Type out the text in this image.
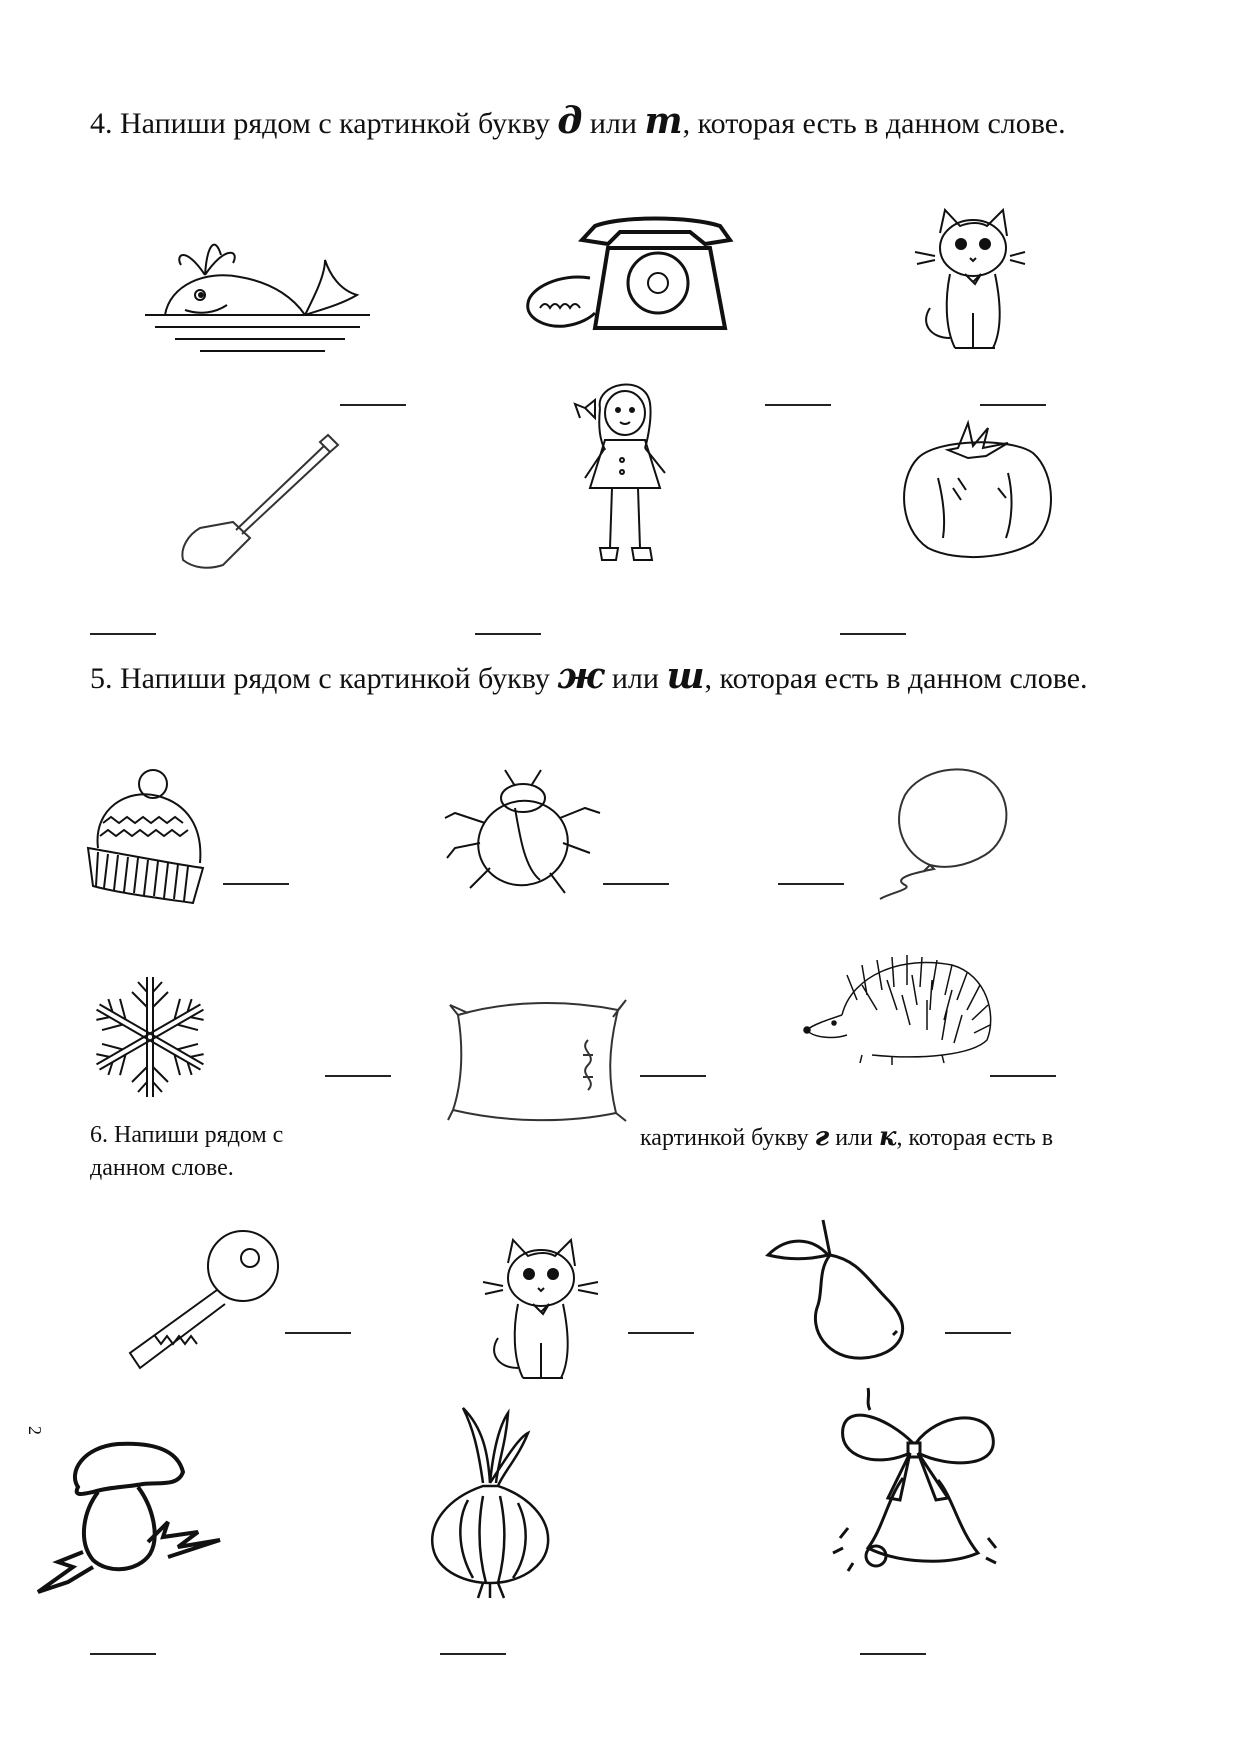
4. Напиши рядом с картинкой букву д или т, которая есть в данном слове.

5. Напиши рядом с картинкой букву ж или ш, которая есть в данном слове.

6. Напиши рядом с	картинкой букву г или к, которая есть в

данном слове.

2
